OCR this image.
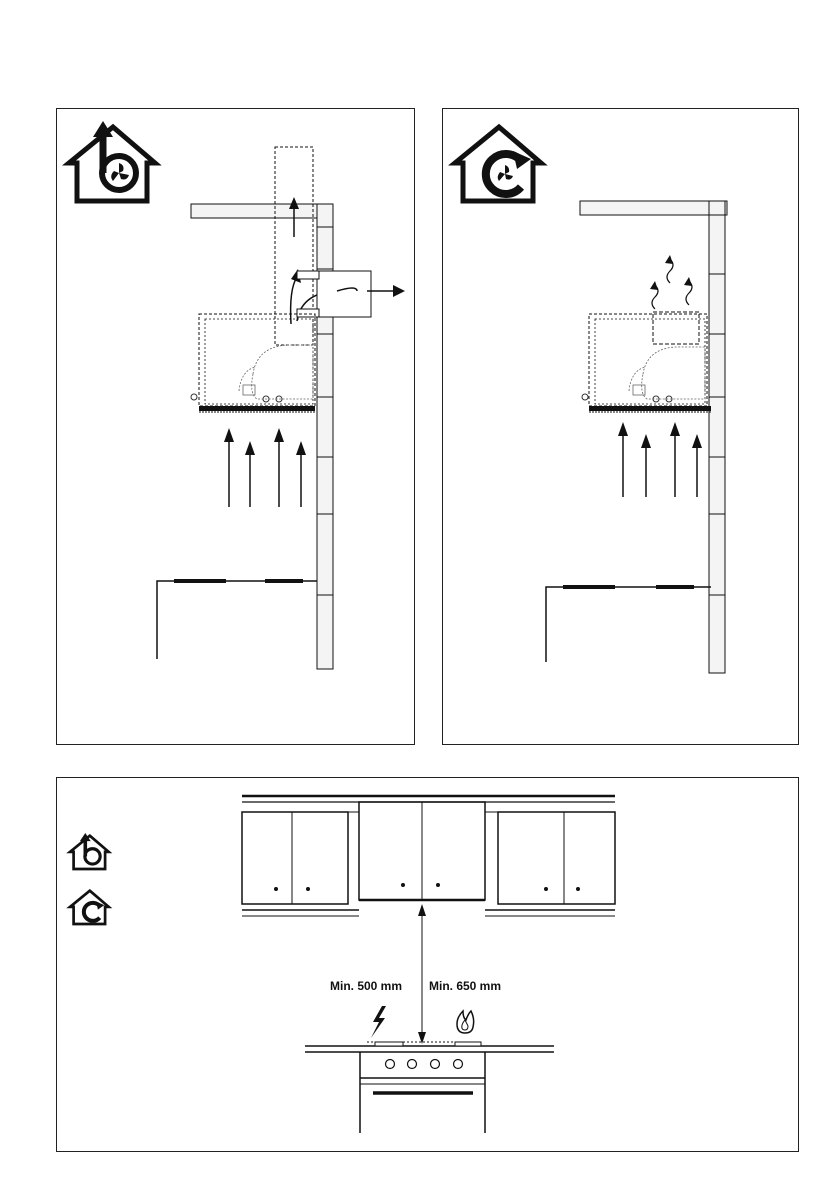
Min. 500 mm Min. 650 mm
